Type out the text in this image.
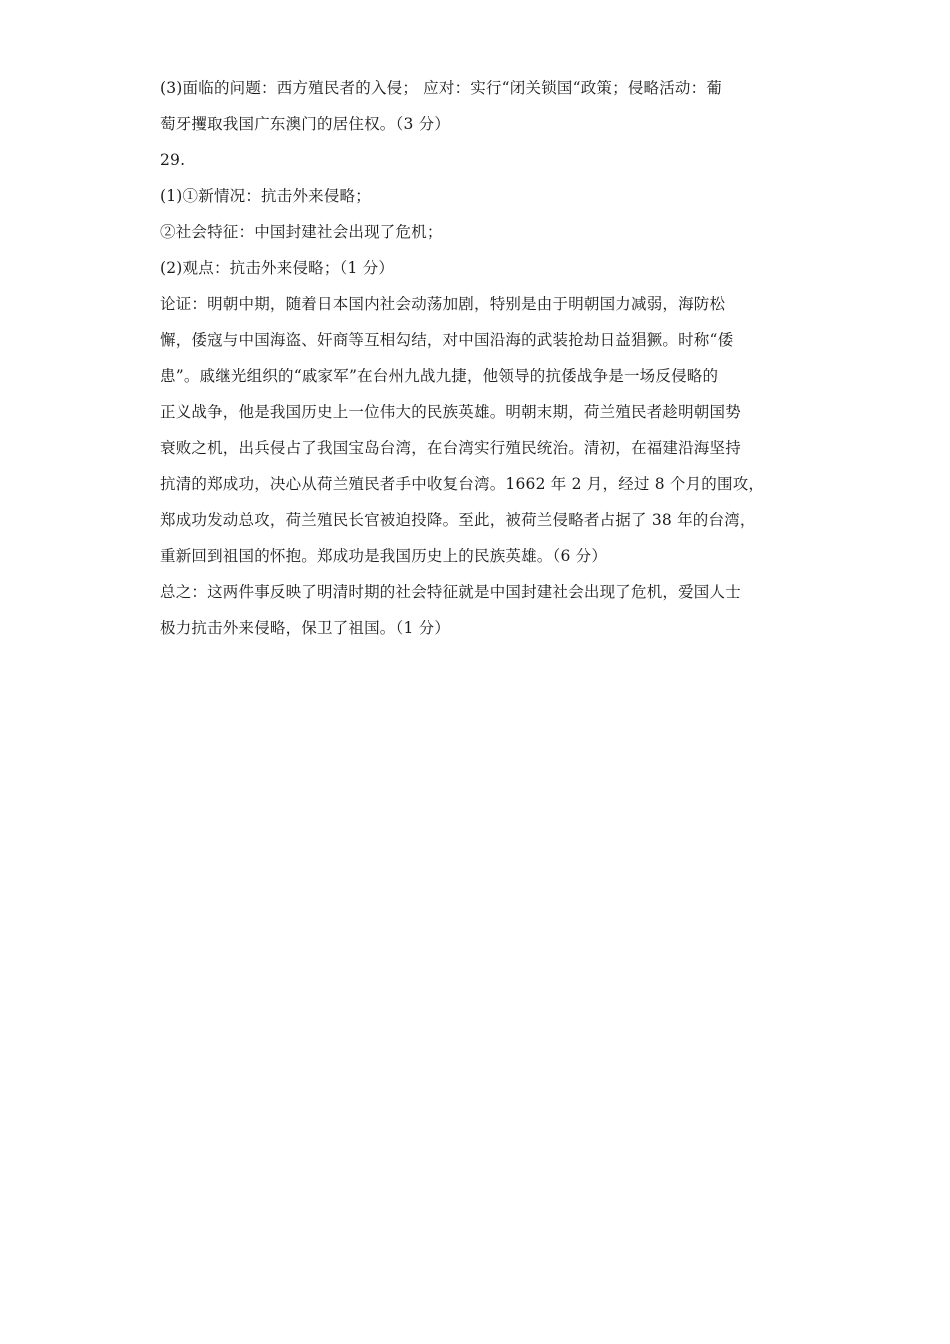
(3)面临的问题：西方殖民者的入侵； 应对：实行“闭关锁国“政策；侵略活动：葡
萄牙攫取我国广东澳门的居住权。（3 分）
29.
(1)①新情况：抗击外来侵略；
②社会特征：中国封建社会出现了危机；
(2)观点：抗击外来侵略；（1 分）
论证：明朝中期，随着日本国内社会动荡加剧，特别是由于明朝国力减弱，海防松
懈，倭寇与中国海盗、奸商等互相勾结，对中国沿海的武装抢劫日益猖獗。时称“倭
患”。戚继光组织的“戚家军”在台州九战九捷，他领导的抗倭战争是一场反侵略的
正义战争，他是我国历史上一位伟大的民族英雄。明朝末期，荷兰殖民者趁明朝国势
衰败之机，出兵侵占了我国宝岛台湾，在台湾实行殖民统治。清初，在福建沿海坚持
抗清的郑成功，决心从荷兰殖民者手中收复台湾。1662 年 2 月，经过 8 个月的围攻，
郑成功发动总攻，荷兰殖民长官被迫投降。至此，被荷兰侵略者占据了 38 年的台湾，
重新回到祖国的怀抱。郑成功是我国历史上的民族英雄。（6 分）
总之：这两件事反映了明清时期的社会特征就是中国封建社会出现了危机，爱国人士
极力抗击外来侵略，保卫了祖国。（1 分）
